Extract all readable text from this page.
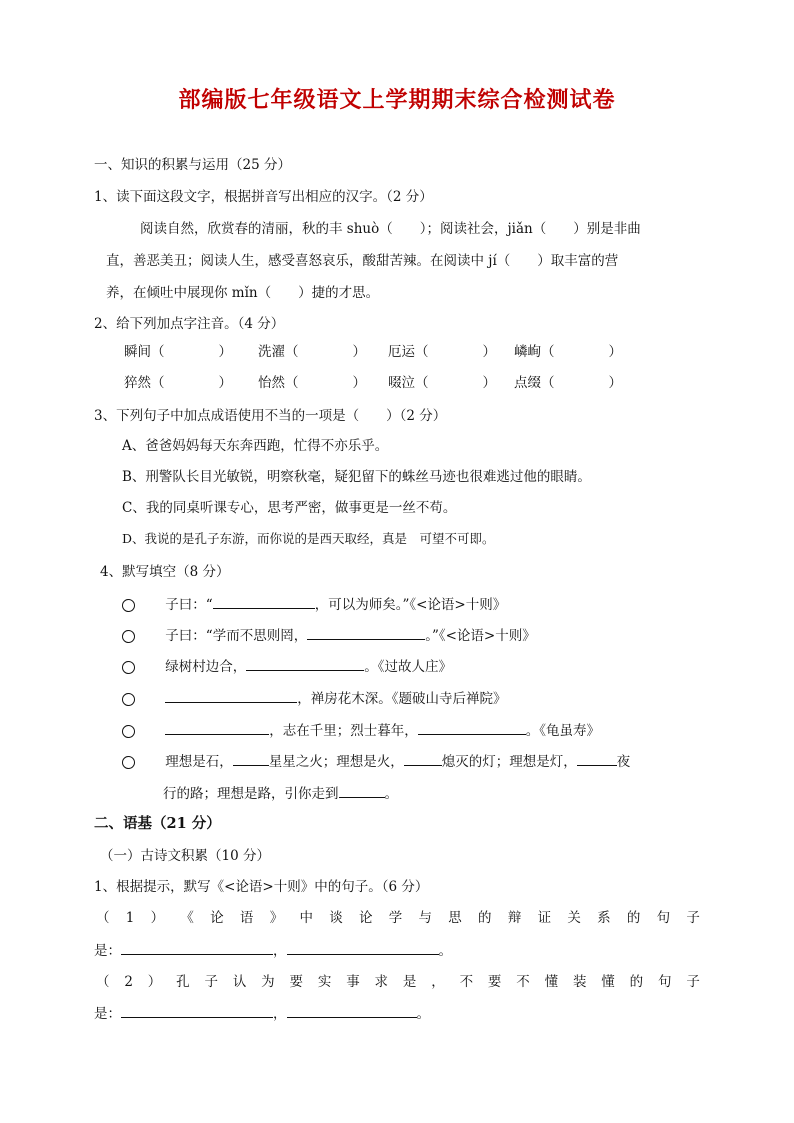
部编版七年级语文上学期期末综合检测试卷
一、知识的积累与运用（25 分）
1、读下面这段文字，根据拼音写出相应的汉字。（2 分）
阅读自然，欣赏春的清丽，秋的丰 shuò（　　）；阅读社会，jiǎn（　　）别是非曲
直，善恶美丑；阅读人生，感受喜怒哀乐，酸甜苦辣。在阅读中 jí（　　）取丰富的营
养，在倾吐中展现你 mǐn（　　）捷的才思。
2、给下列加点字注音。（4 分）
瞬间（　　　　） 洗濯（　　　　） 厄运（　　　　） 嶙峋（　　　　）
猝然（　　　　） 怡然（　　　　） 啜泣（　　　　） 点缀（　　　　）
3、下列句子中加点成语使用不当的一项是（　　）（2 分）
A、爸爸妈妈每天东奔西跑，忙得不亦乐乎。
B、刑警队长目光敏锐，明察秋毫，疑犯留下的蛛丝马迹也很难逃过他的眼睛。
C、我的同桌听课专心，思考严密，做事更是一丝不苟。
D、我说的是孔子东游，而你说的是西天取经，真是　可望不可即。
4、默写填空（8 分）
子曰：“	，可以为师矣。”《<论语>十则》
子曰：“学而不思则罔，	。”《<论语>十则》
绿树村边合，	。《过故人庄》
，禅房花木深。《题破山寺后禅院》
，志在千里；烈士暮年，	。《龟虽寿》
理想是石，	星星之火；理想是火，	熄灭的灯；理想是灯，	夜
行的路；理想是路，引你走到	。
二、语基（21 分）
（一）古诗文积累（10 分）
1、根据提示，默写《<论语>十则》中的句子。（6 分）
（ 1 ） 《 论 语 》 中 谈 论 学 与 思 的 辩 证 关 系 的 句 子
是：	，	。
（ 2 ） 孔 子 认 为 要 实 事 求 是 ， 不 要 不 懂 装 懂 的 句 子
是：	，	。
